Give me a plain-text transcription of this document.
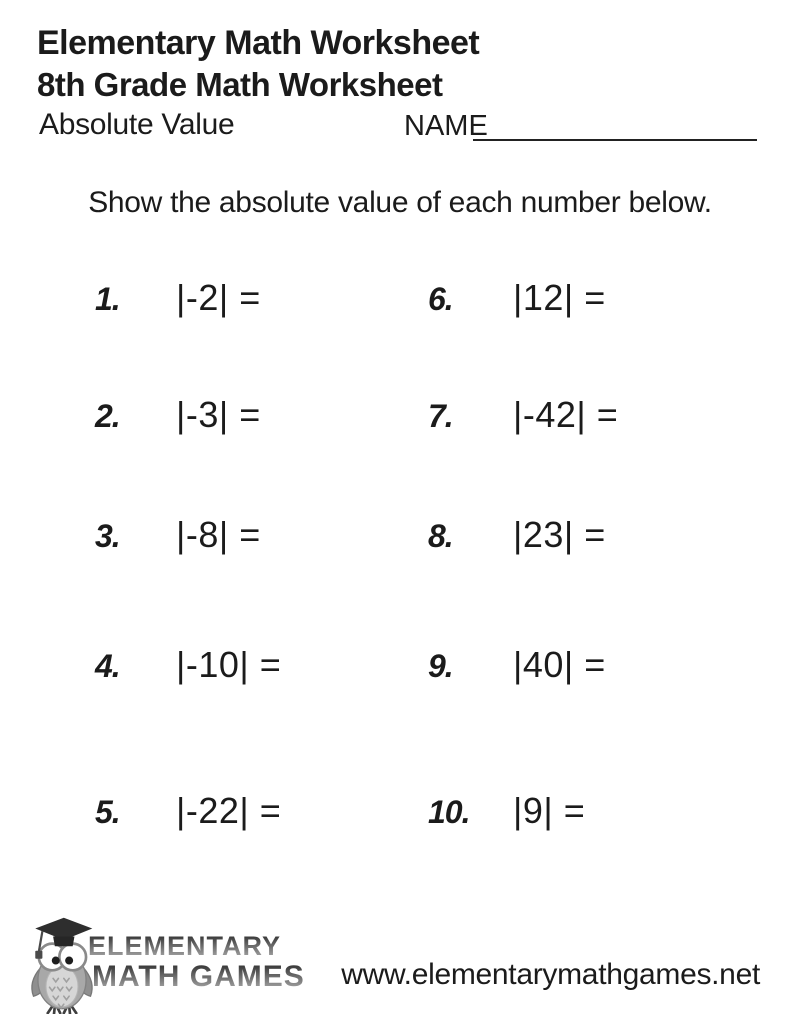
Elementary Math Worksheet
8th Grade Math Worksheet
Absolute Value	NAME
Show the absolute value of each number below.
1.	|-2| =
2.	|-3| =
3.	|-8| =
4.	|-10| =
5.	|-22| =
6.	|12| =
7.	|-42| =
8.	|23| =
9.	|40| =
10.	|9| =
ELEMENTARY
MATH GAMES www.elementarymathgames.net
